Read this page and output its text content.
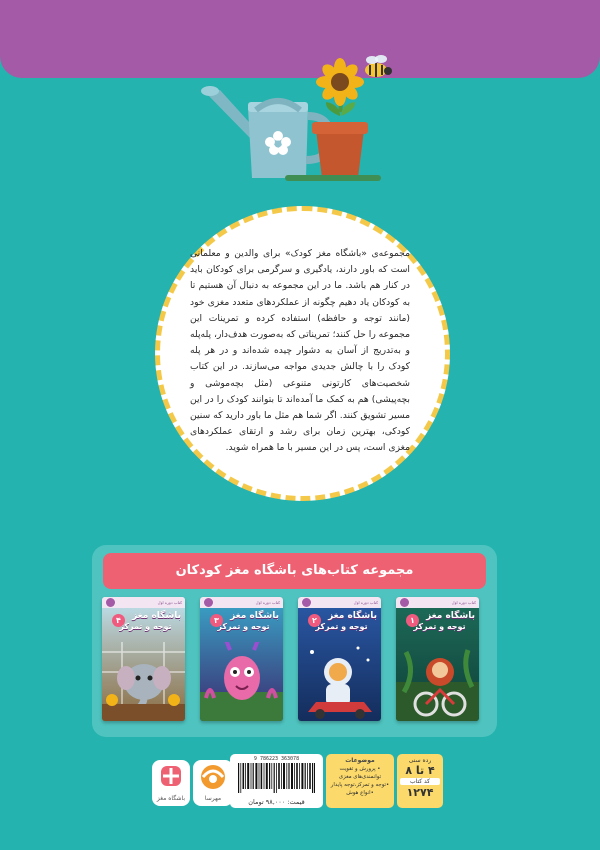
مجموعه‌ی «باشگاه مغز کودک» برای والدین و معلمانی است که باور دارند، یادگیری و سرگرمی برای کودکان باید در کنار هم باشد. ما در این مجموعه به دنبال آن هستیم تا به کودکان یاد دهیم چگونه از عملکردهای متعدد مغزی خود (مانند توجه و حافظه) استفاده کرده و تمرینات این مجموعه را حل کنند؛ تمریناتی که به‌صورت هدف‌دار، پله‌پله و به‌تدریج از آسان به دشوار چیده شده‌اند و در هر پله کودک را با چالش جدیدی مواجه می‌سازند. در این کتاب شخصیت‌های کارتونی متنوعی (مثل بچه‌موشی و بچه‌پیشی) هم به کمک ما آمده‌اند تا بتوانند کودک را در این مسیر تشویق کنند. اگر شما هم مثل ما باور دارید که سنین کودکی، بهترین زمان برای رشد و ارتقای عملکردهای مغزی است، پس در این مسیر با ما همراه شوید.
مجموعه کتاب‌های باشگاه مغز کودکان
کتاب دوره اول
۱	باشگاه مغز
توجه و تمرکز
کتاب دوره اول
۲	باشگاه مغز
توجه و تمرکز
کتاب دوره اول
۳	باشگاه مغز
توجه و تمرکز
کتاب دوره اول
۴	باشگاه مغز
توجه و تمرکز
رده سنی
۴ تا ۸
کد کتاب
۱۲۷۴
موضوعات
• پرورش و تقویت
توانمندی‌های مغزی
•توجه و تمرکز،توجه پایدار
•انواع هوش
9 786223 363078
قیمت: ۹۸,۰۰۰ تومان
مهرسا
باشگاه مغز
